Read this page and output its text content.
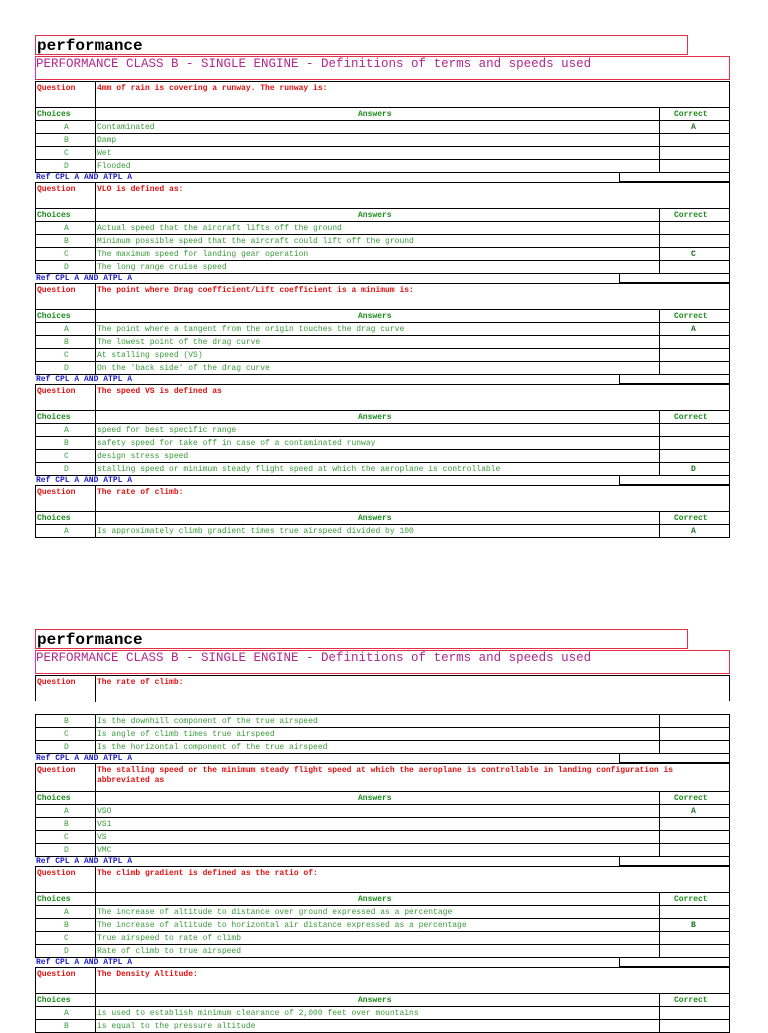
performance
PERFORMANCE CLASS B - SINGLE ENGINE - Definitions of terms and speeds used
Question	4mm of rain is covering a runway. The runway is:
Choices	Answers	Correct
A	Contaminated	A
B	Damp
C	Wet
D	Flooded
Ref CPL A AND ATPL A
Question	VLO is defined as:
Choices	Answers	Correct
A	Actual speed that the aircraft lifts off the ground
B	Minimum possible speed that the aircraft could lift off the ground
C	The maximum speed for landing gear operation	C
D	The long range cruise speed
Ref CPL A AND ATPL A
Question	The point where Drag coefficient/Lift coefficient is a minimum is:
Choices	Answers	Correct
A	The point where a tangent from the origin touches the drag curve	A
B	The lowest point of the drag curve
C	At stalling speed (VS)
D	On the 'back side' of the drag curve
Ref CPL A AND ATPL A
Question	The speed VS is defined as
Choices	Answers	Correct
A	speed for best specific range
B	safety speed for take off in case of a contaminated runway
C	design stress speed
D	stalling speed or minimum steady flight speed at which the aeroplane is controllable	D
Ref CPL A AND ATPL A
Question	The rate of climb:
Choices	Answers	Correct
A	Is approximately climb gradient times true airspeed divided by 100	A
performance
PERFORMANCE CLASS B - SINGLE ENGINE - Definitions of terms and speeds used
Question	The rate of climb:
B	Is the downhill component of the true airspeed
C	Is angle of climb times true airspeed
D	Is the horizontal component of the true airspeed
Ref CPL A AND ATPL A
Question	The stalling speed or the minimum steady flight speed at which the aeroplane is controllable in landing configuration is abbreviated as
Choices	Answers	Correct
A	VSO	A
B	VS1
C	VS
D	VMC
Ref CPL A AND ATPL A
Question	The climb gradient is defined as the ratio of:
Choices	Answers	Correct
A	The increase of altitude to distance over ground expressed as a percentage
B	The increase of altitude to horizontal air distance expressed as a percentage	B
C	True airspeed to rate of climb
D	Rate of climb to true airspeed
Ref CPL A AND ATPL A
Question	The Density Altitude:
Choices	Answers	Correct
A	is used to establish minimum clearance of 2,000 feet over mountains
B	is equal to the pressure altitude
